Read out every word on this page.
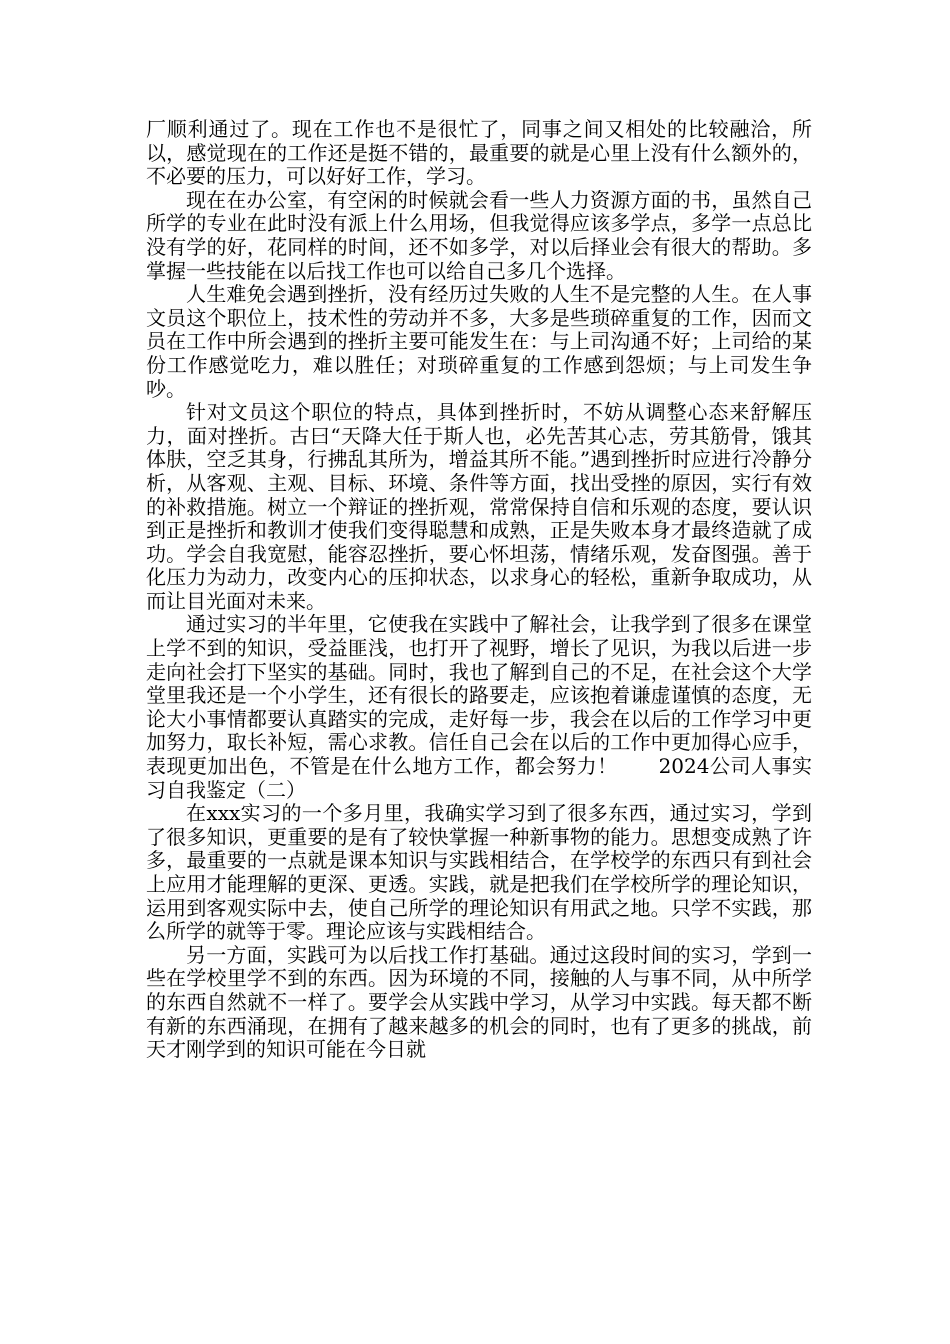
厂顺利通过了。现在工作也不是很忙了，同事之间又相处的比较融洽，所以，感觉现在的工作还是挺不错的，最重要的就是心里上没有什么额外的，不必要的压力，可以好好工作，学习。

现在在办公室，有空闲的时候就会看一些人力资源方面的书，虽然自己所学的专业在此时没有派上什么用场，但我觉得应该多学点，多学一点总比没有学的好，花同样的时间，还不如多学，对以后择业会有很大的帮助。多掌握一些技能在以后找工作也可以给自己多几个选择。

人生难免会遇到挫折，没有经历过失败的人生不是完整的人生。在人事文员这个职位上，技术性的劳动并不多，大多是些琐碎重复的工作，因而文员在工作中所会遇到的挫折主要可能发生在：与上司沟通不好；上司给的某份工作感觉吃力，难以胜任；对琐碎重复的工作感到怨烦；与上司发生争吵。

针对文员这个职位的特点，具体到挫折时，不妨从调整心态来舒解压力，面对挫折。古曰“天降大任于斯人也，必先苦其心志，劳其筋骨，饿其体肤，空乏其身，行拂乱其所为，增益其所不能。”遇到挫折时应进行冷静分析，从客观、主观、目标、环境、条件等方面，找出受挫的原因，实行有效的补救措施。树立一个辩证的挫折观，常常保持自信和乐观的态度，要认识到正是挫折和教训才使我们变得聪慧和成熟，正是失败本身才最终造就了成功。学会自我宽慰，能容忍挫折，要心怀坦荡，情绪乐观，发奋图强。善于化压力为动力，改变内心的压抑状态，以求身心的轻松，重新争取成功，从而让目光面对未来。

通过实习的半年里，它使我在实践中了解社会，让我学到了很多在课堂上学不到的知识，受益匪浅，也打开了视野，增长了见识，为我以后进一步走向社会打下坚实的基础。同时，我也了解到自己的不足，在社会这个大学堂里我还是一个小学生，还有很长的路要走，应该抱着谦虚谨慎的态度，无论大小事情都要认真踏实的完成，走好每一步，我会在以后的工作学习中更加努力，取长补短，需心求教。信任自己会在以后的工作中更加得心应手，表现更加出色，不管是在什么地方工作，都会努力！　　2024公司人事实习自我鉴定（二）

在xxx实习的一个多月里，我确实学习到了很多东西，通过实习，学到了很多知识，更重要的是有了较快掌握一种新事物的能力。思想变成熟了许多，最重要的一点就是课本知识与实践相结合，在学校学的东西只有到社会上应用才能理解的更深、更透。实践，就是把我们在学校所学的理论知识，运用到客观实际中去，使自己所学的理论知识有用武之地。只学不实践，那么所学的就等于零。理论应该与实践相结合。

另一方面，实践可为以后找工作打基础。通过这段时间的实习，学到一些在学校里学不到的东西。因为环境的不同，接触的人与事不同，从中所学的东西自然就不一样了。要学会从实践中学习，从学习中实践。每天都不断有新的东西涌现，在拥有了越来越多的机会的同时，也有了更多的挑战，前天才刚学到的知识可能在今日就
